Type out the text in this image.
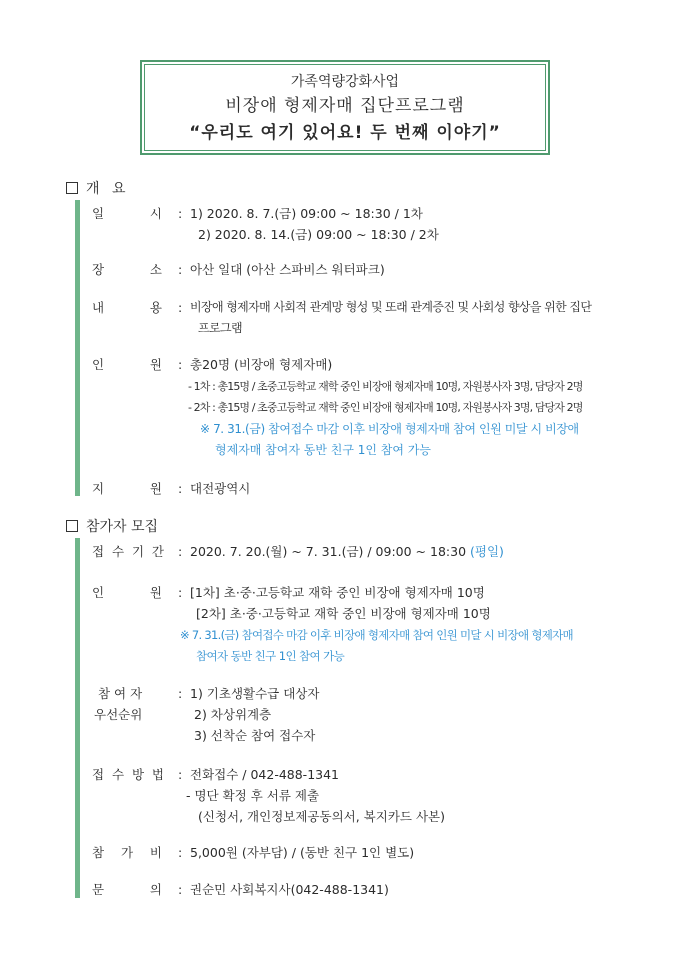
가족역량강화사업
비장애 형제자매 집단프로그램
“우리도 여기 있어요! 두 번째 이야기”
개 요
일	시 : 1) 2020. 8. 7.(금) 09:00 ~ 18:30 / 1차
2) 2020. 8. 14.(금) 09:00 ~ 18:30 / 2차
장	소 : 아산 일대 (아산 스파비스 워터파크)
내	용 : 비장애 형제자매 사회적 관계망 형성 및 또래 관계증진 및 사회성 향상을 위한 집단
프로그램
인	원 : 총20명 (비장애 형제자매)
- 1차 : 총15명 / 초중고등학교 재학 중인 비장애 형제자매 10명, 자원봉사자 3명, 담당자 2명
- 2차 : 총15명 / 초중고등학교 재학 중인 비장애 형제자매 10명, 자원봉사자 3명, 담당자 2명
※ 7. 31.(금) 참여접수 마감 이후 비장애 형제자매 참여 인원 미달 시 비장애
형제자매 참여자 동반 친구 1인 참여 가능
지	원 : 대전광역시
참가자 모집
접 수 기 간 : 2020. 7. 20.(월) ~ 7. 31.(금) / 09:00 ~ 18:30 (평일)
인	원 : [1차] 초·중·고등학교 재학 중인 비장애 형제자매 10명
[2차] 초·중·고등학교 재학 중인 비장애 형제자매 10명
※ 7. 31.(금) 참여접수 마감 이후 비장애 형제자매 참여 인원 미달 시 비장애 형제자매
참여자 동반 친구 1인 참여 가능
참 여 자
우선순위
: 1) 기초생활수급 대상자
2) 차상위계층
3) 선착순 참여 접수자
접 수 방 법 : 전화접수 / 042-488-1341
- 명단 확정 후 서류 제출
(신청서, 개인정보제공동의서, 복지카드 사본)
참 가 비 : 5,000원 (자부담) / (동반 친구 1인 별도)
문	의 : 권순민 사회복지사(042-488-1341)
